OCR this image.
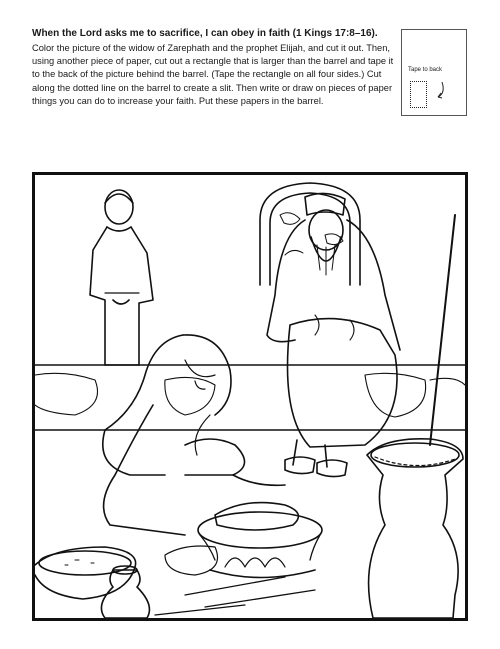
When the Lord asks me to sacrifice, I can obey in faith (1 Kings 17:8–16).
Color the picture of the widow of Zarephath and the prophet Elijah, and cut it out. Then, using another piece of paper, cut out a rectangle that is larger than the barrel and tape it to the back of the picture behind the barrel. (Tape the rectangle on all four sides.) Cut along the dotted line on the barrel to create a slit. Then write or draw on pieces of paper things you can do to increase your faith. Put these papers in the barrel.
Tape to back
